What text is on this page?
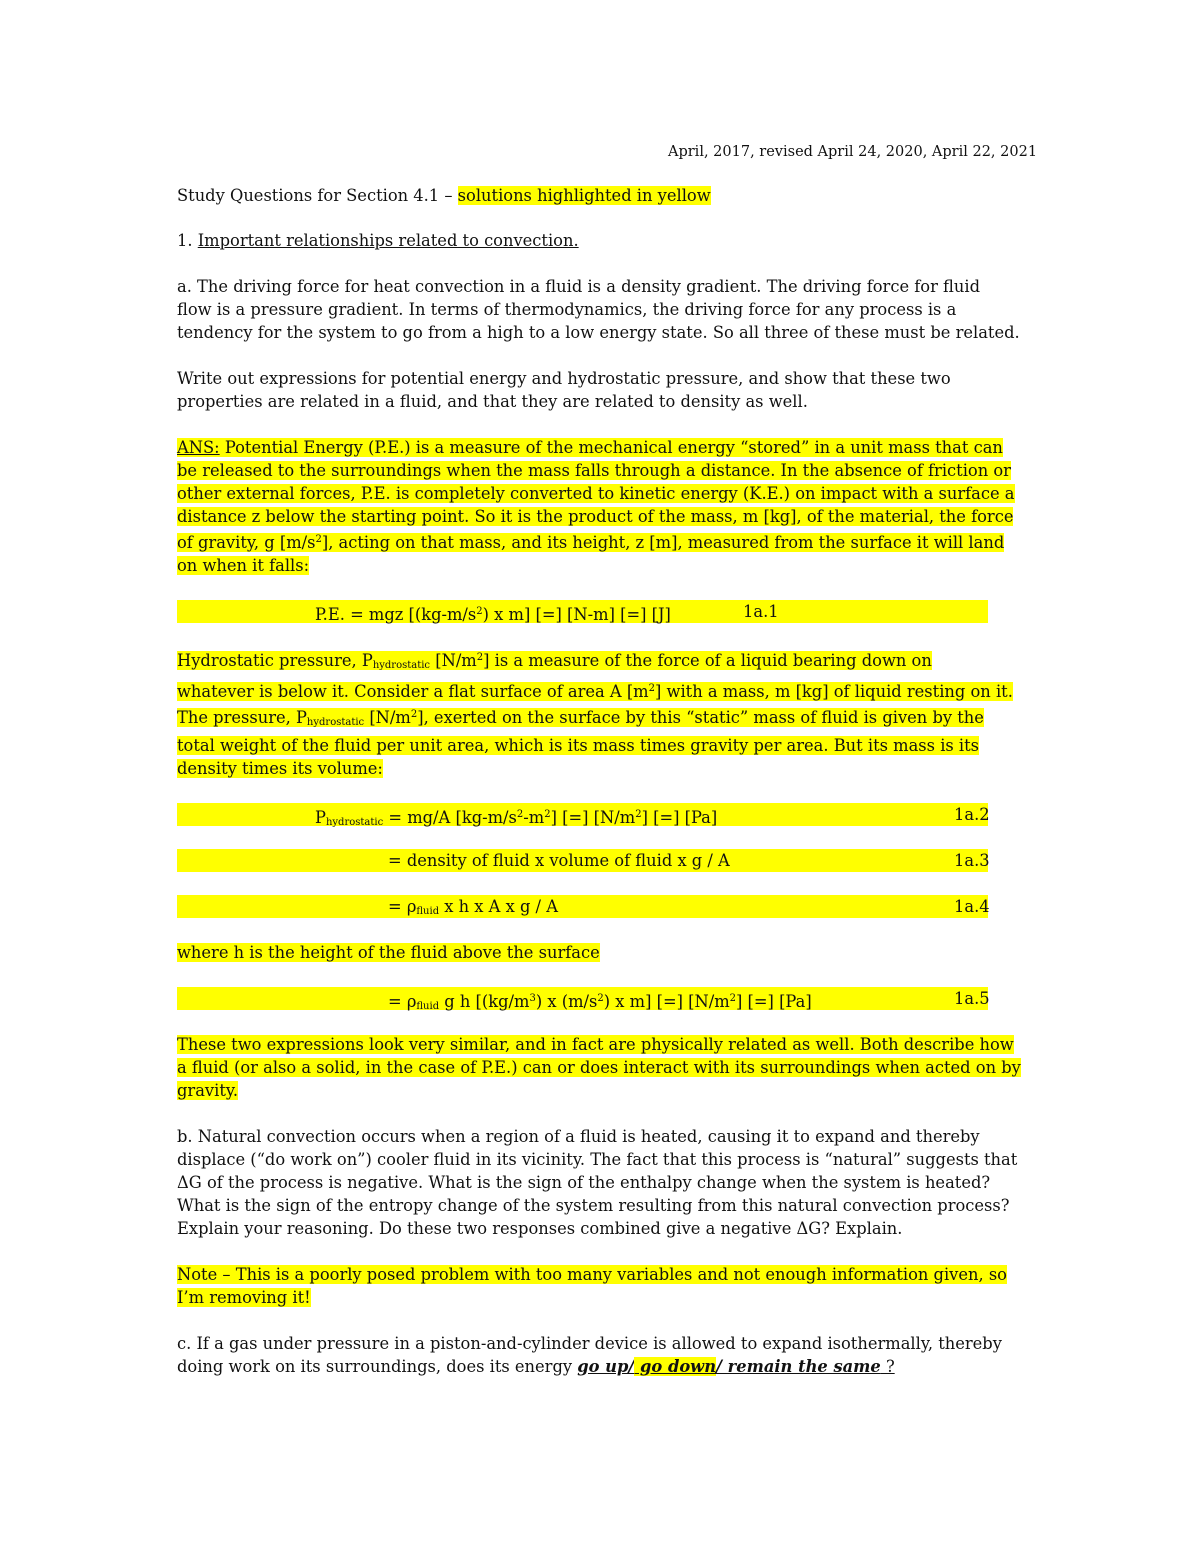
April, 2017, revised April 24, 2020, April 22, 2021
Study Questions for Section 4.1 – solutions highlighted in yellow
1. Important relationships related to convection.
a. The driving force for heat convection in a fluid is a density gradient. The driving force for fluid
flow is a pressure gradient. In terms of thermodynamics, the driving force for any process is a
tendency for the system to go from a high to a low energy state. So all three of these must be related.
Write out expressions for potential energy and hydrostatic pressure, and show that these two
properties are related in a fluid, and that they are related to density as well.
ANS: Potential Energy (P.E.) is a measure of the mechanical energy “stored” in a unit mass that can
be released to the surroundings when the mass falls through a distance. In the absence of friction or
other external forces, P.E. is completely converted to kinetic energy (K.E.) on impact with a surface a
distance z below the starting point. So it is the product of the mass, m [kg], of the material, the force
of gravity, g $[m/s^2]$, acting on that mass, and its height, z [m], measured from the surface it will land
on when it falls:
P.E. = mgz [$(kg-m/s^2)$ x m] [=] [N-m] [=] [J]	1a.1
Hydrostatic pressure, $P_{hydrostatic}$ $[N/m^2]$ is a measure of the force of a liquid bearing down on
whatever is below it. Consider a flat surface of area A $[m^2]$ with a mass, m [kg] of liquid resting on it.
The pressure, $P_{hydrostatic}$ $[N/m^2]$, exerted on the surface by this “static” mass of fluid is given by the
total weight of the fluid per unit area, which is its mass times gravity per area. But its mass is its
density times its volume:
$P_{hydrostatic} = mg/A$ $[kg-m/s^2-m^2]$ [=] $[N/m^2]$ [=] [Pa]	1a.2
= density of fluid x volume of fluid x g / A	1a.3
= $\rho_{fluid}$ x h x A x g / A	1a.4
where h is the height of the fluid above the surface
= $\rho_{fluid}$ g h [$(kg/m^3)$ x $(m/s^2)$ x m] [=] $[N/m^2]$ [=] [Pa]	1a.5
These two expressions look very similar, and in fact are physically related as well. Both describe how
a fluid (or also a solid, in the case of P.E.) can or does interact with its surroundings when acted on by
gravity.
b. Natural convection occurs when a region of a fluid is heated, causing it to expand and thereby
displace (“do work on”) cooler fluid in its vicinity. The fact that this process is “natural” suggests that
ΔG of the process is negative. What is the sign of the enthalpy change when the system is heated?
What is the sign of the entropy change of the system resulting from this natural convection process?
Explain your reasoning. Do these two responses combined give a negative ΔG? Explain.
Note – This is a poorly posed problem with too many variables and not enough information given, so
I’m removing it!
c. If a gas under pressure in a piston-and-cylinder device is allowed to expand isothermally, thereby
doing work on its surroundings, does its energy go up/ go down/ remain the same ?
